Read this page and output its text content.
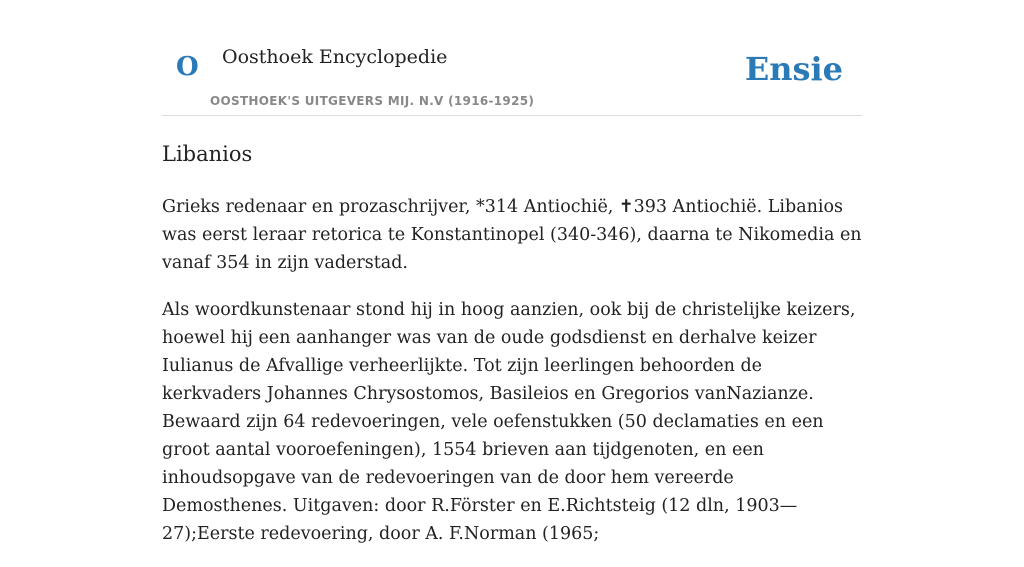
O Oosthoek Encyclopedie
OOSTHOEK'S UITGEVERS MIJ. N.V (1916-1925)
Ensie
Libanios

Grieks redenaar en prozaschrijver, *314 Antiochië, ✝393 Antiochië. Libanios was eerst leraar retorica te Konstantinopel (340-346), daarna te Nikomedia en vanaf 354 in zijn vaderstad.

Als woordkunstenaar stond hij in hoog aanzien, ook bij de christelijke keizers, hoewel hij een aanhanger was van de oude godsdienst en derhalve keizer Iulianus de Afvallige verheerlijkte. Tot zijn leerlingen behoorden de kerkvaders Johannes Chrysostomos, Basileios en Gregorios vanNazianze. Bewaard zijn 64 redevoeringen, vele oefenstukken (50 declamaties en een groot aantal vooroefeningen), 1554 brieven aan tijdgenoten, en een inhoudsopgave van de redevoeringen van de door hem vereerde Demosthenes. Uitgaven: door R.Förster en E.Richtsteig (12 dln, 1903—27);Eerste redevoering, door A. F.Norman (1965;
